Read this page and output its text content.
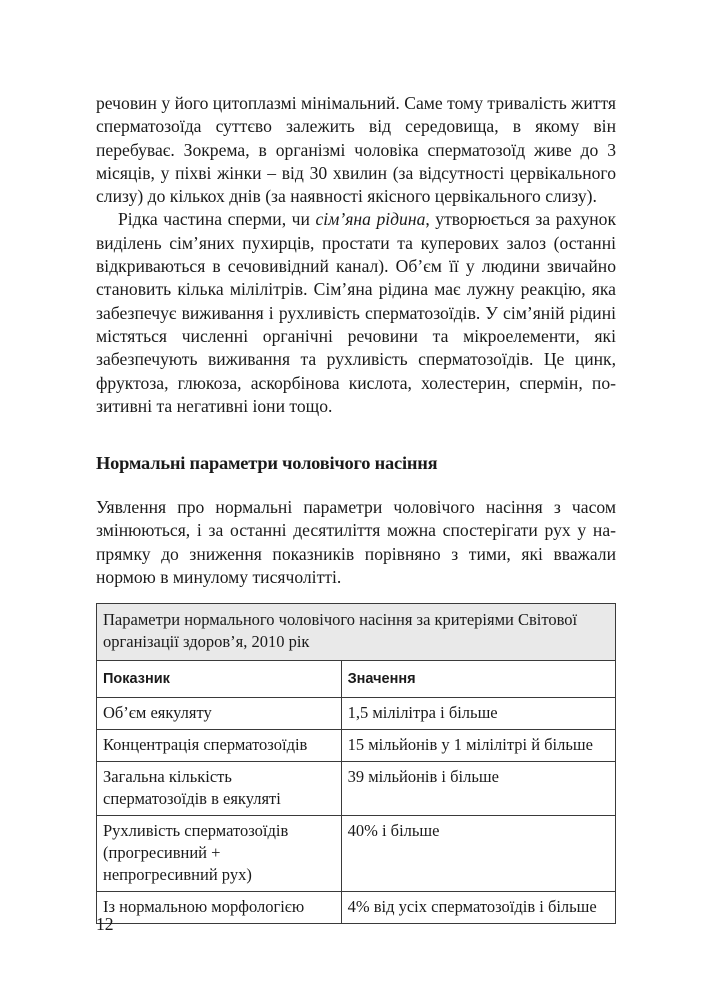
речовин у його цитоплазмі мінімальний. Саме тому тривалість життя сперматозоїда суттєво залежить від середовища, в якому він перебуває. Зокрема, в організмі чоловіка сперматозоїд живе до 3 місяців, у піхві жінки – від 30 хвилин (за відсутності цервікального слизу) до кількох днів (за наявності якісного цервікального слизу).

Рідка частина сперми, чи сім’яна рідина, утворюється за рахунок виділень сім’яних пухирців, простати та куперових залоз (останні відкриваються в сечовивідний канал). Об’єм її у людини звичайно становить кілька мілілітрів. Сім’яна рідина має лужну реакцію, яка забезпечує виживання і рухливість сперматозоїдів. У сім’яній рідині містяться численні органічні речовини та мікроелементи, які забезпечують виживання та рухливість сперматозоїдів. Це цинк, фруктоза, глюкоза, аскорбінова кислота, холестерин, спермін, позитивні та негативні іони тощо.

Нормальні параметри чоловічого насіння

Уявлення про нормальні параметри чоловічого насіння з часом змінюються, і за останні десятиліття можна спостерігати рух у напрямку до зниження показників порівняно з тими, які вважали нормою в минулому тисячолітті.

Параметри нормального чоловічого насіння за критеріями Світової організації здоров’я, 2010 рік	
Показник	Значення
Об’єм еякуляту	1,5 мілілітра і більше
Концентрація сперматозоїдів	15 мільйонів у 1 мілілітрі й більше
Загальна кількість сперматозоїдів в еякуляті	39 мільйонів і більше
Рухливість сперматозоїдів (прогресивний + непрогресивний рух)	40% і більше
Із нормальною морфологією	4% від усіх сперматозоїдів і більше
12
